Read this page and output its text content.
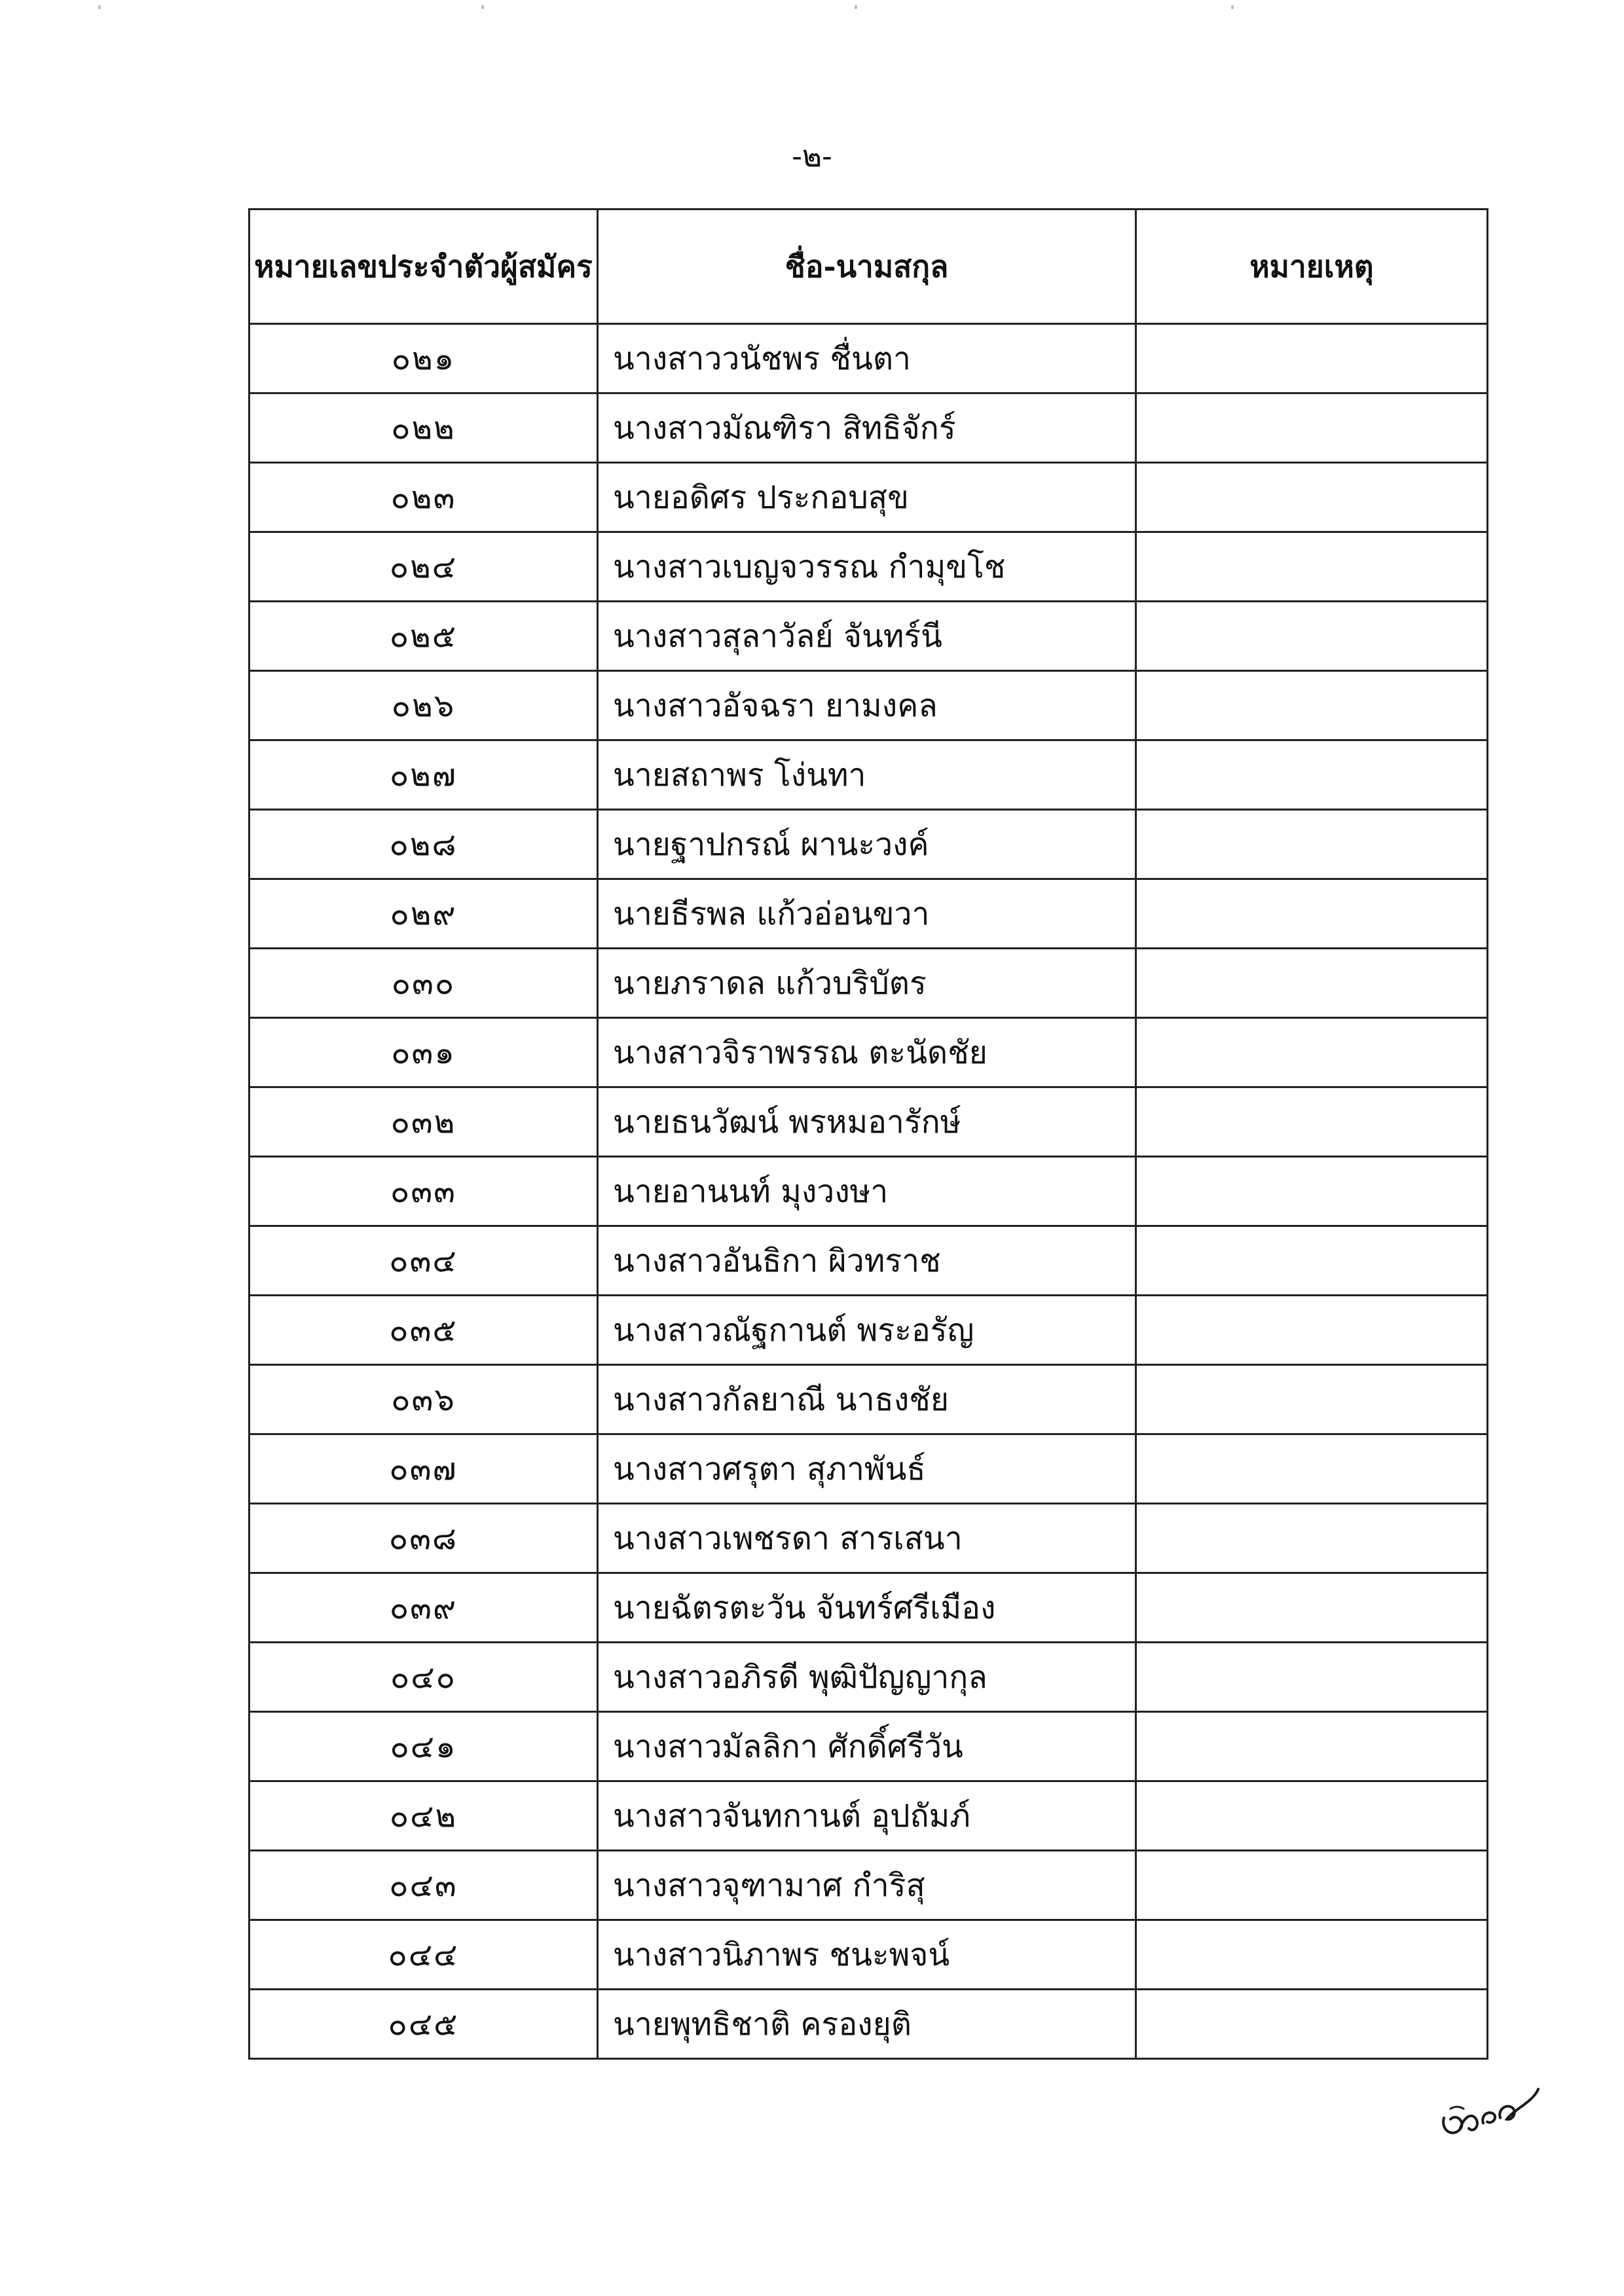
-๒-
หมายเลขประจำตัวผู้สมัคร	ชื่อ-นามสกุล	หมายเหตุ
๐๒๑	นางสาววนัชพร ชื่นตา	
๐๒๒	นางสาวมัณฑิรา สิทธิจักร์	
๐๒๓	นายอดิศร ประกอบสุข	
๐๒๔	นางสาวเบญจวรรณ กำมุขโช	
๐๒๕	นางสาวสุลาวัลย์ จันทร์นี	
๐๒๖	นางสาวอัจฉรา ยามงคล	
๐๒๗	นายสถาพร โง่นทา	
๐๒๘	นายฐาปกรณ์ ผานะวงค์	
๐๒๙	นายธีรพล แก้วอ่อนขวา	
๐๓๐	นายภราดล แก้วบริบัตร	
๐๓๑	นางสาวจิราพรรณ ตะนัดชัย	
๐๓๒	นายธนวัฒน์ พรหมอารักษ์	
๐๓๓	นายอานนท์ มุงวงษา	
๐๓๔	นางสาวอันธิกา ผิวทราช	
๐๓๕	นางสาวณัฐกานต์ พระอรัญ	
๐๓๖	นางสาวกัลยาณี นาธงชัย	
๐๓๗	นางสาวศรุตา สุภาพันธ์	
๐๓๘	นางสาวเพชรดา สารเสนา	
๐๓๙	นายฉัตรตะวัน จันทร์ศรีเมือง	
๐๔๐	นางสาวอภิรดี พุฒิปัญญากุล	
๐๔๑	นางสาวมัลลิกา ศักดิ์ศรีวัน	
๐๔๒	นางสาวจันทกานต์ อุปถัมภ์	
๐๔๓	นางสาวจุฑามาศ กำริสุ	
๐๔๔	นางสาวนิภาพร ชนะพจน์	
๐๔๕	นายพุทธิชาติ ครองยุติ	
